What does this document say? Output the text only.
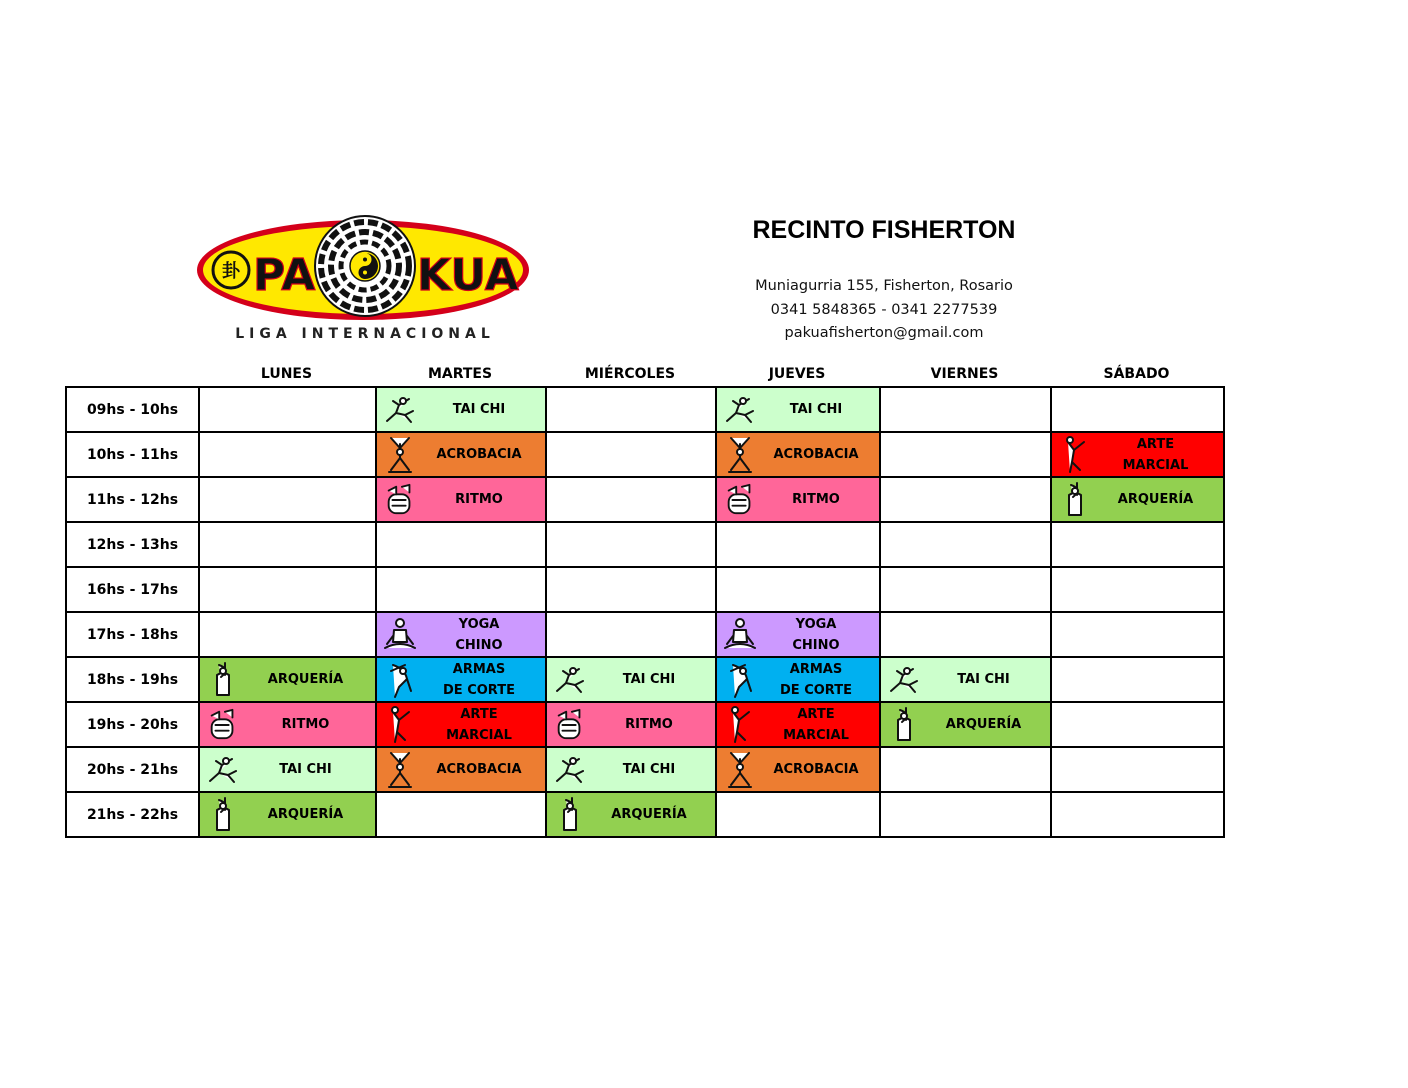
卦 PA KUA
LIGA INTERNACIONAL
RECINTO FISHERTON
Muniagurria 155, Fisherton, Rosario
0341 5848365 - 0341 2277539
pakuafisherton@gmail.com
LUNES	MARTES	MIÉRCOLES	JUEVES	VIERNES	SÁBADO
09hs - 10hs		TAI CHI		TAI CHI		

10hs - 11hs		ACROBACIA		ACROBACIA		ARTE
MARCIAL

11hs - 12hs		RITMO		RITMO		ARQUERÍA

12hs - 13hs						
16hs - 17hs						
17hs - 18hs		YOGA
CHINO		YOGA
CHINO		

18hs - 19hs	ARQUERÍA	ARMAS
DE CORTE	TAI CHI	ARMAS
DE CORTE	TAI CHI	

19hs - 20hs	RITMO	ARTE
MARCIAL	RITMO	ARTE
MARCIAL	ARQUERÍA	

20hs - 21hs	TAI CHI	ACROBACIA	TAI CHI	ACROBACIA		

21hs - 22hs	ARQUERÍA		ARQUERÍA			
